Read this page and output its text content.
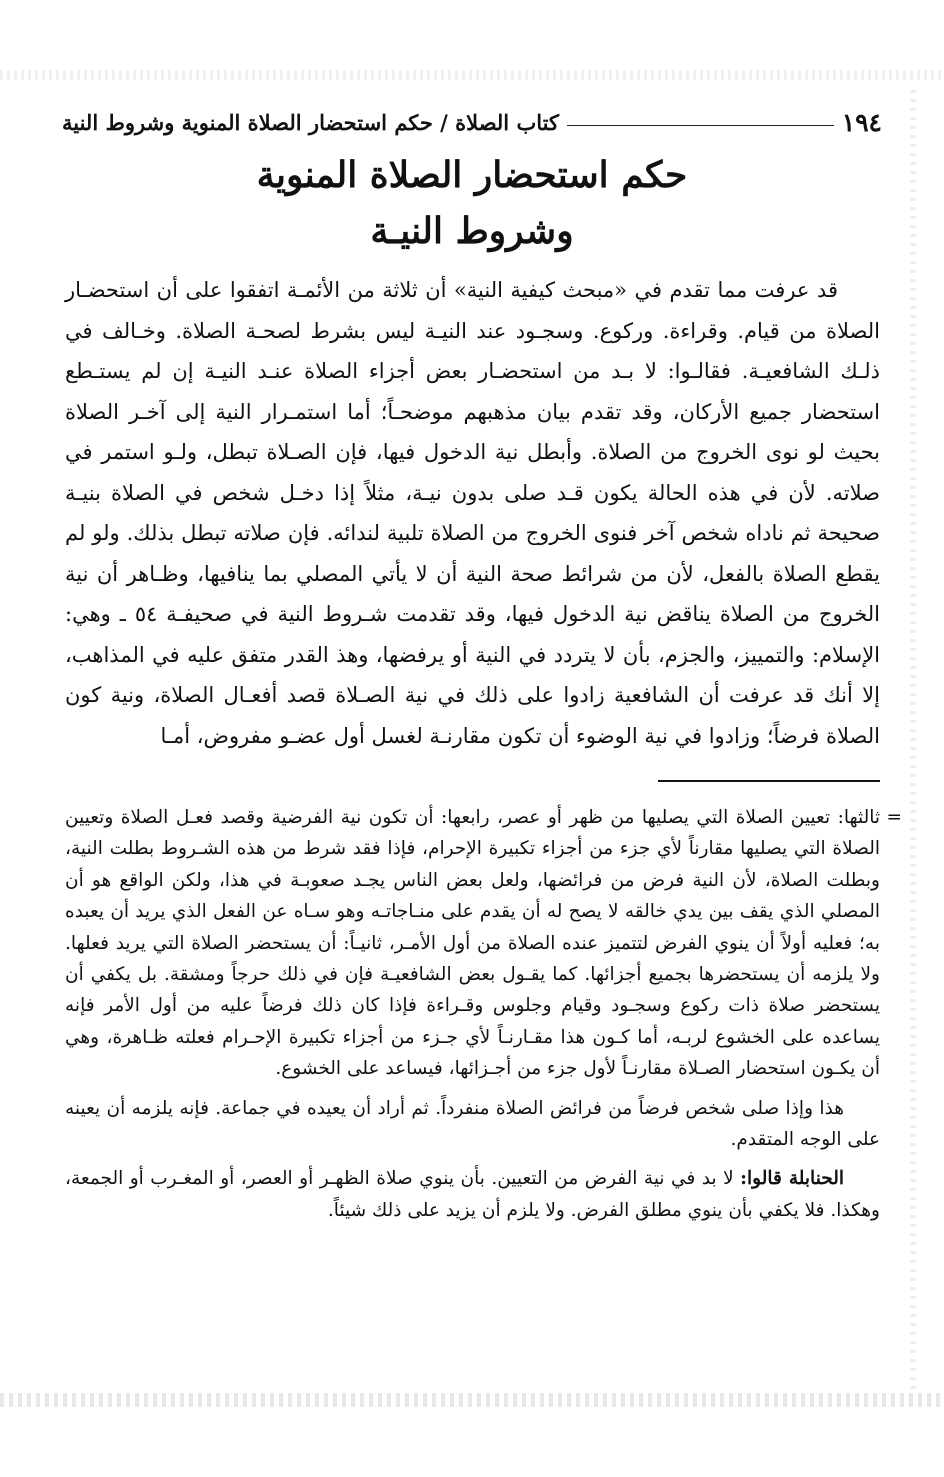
١٩٤
كتاب الصلاة / حكم استحضار الصلاة المنوية وشروط النية
حكم استحضار الصلاة المنوية
وشروط النيـة

قد عرفت مما تقدم في «مبحث كيفية النية» أن ثلاثة من الأئمـة اتفقوا على أن استحضـار الصلاة من قيام. وقراءة. وركوع. وسجـود عند النيـة ليس بشرط لصحـة الصلاة. وخـالف في ذلـك الشافعيـة. فقالـوا: لا بـد من استحضـار بعض أجزاء الصلاة عنـد النيـة إن لم يستـطع استحضار جميع الأركان، وقد تقدم بيان مذهبهم موضحـاً؛ أما استمـرار النية إلى آخـر الصلاة بحيث لو نوى الخروج من الصلاة. وأبطل نية الدخول فيها، فإن الصـلاة تبطل، ولـو استمر في صلاته. لأن في هذه الحالة يكون قـد صلى بدون نيـة، مثلاً إذا دخـل شخص في الصلاة بنيـة صحيحة ثم ناداه شخص آخر فنوى الخروج من الصلاة تلبية لندائه. فإن صلاته تبطل بذلك. ولو لم يقطع الصلاة بالفعل، لأن من شرائط صحة النية أن لا يأتي المصلي بما ينافيها، وظـاهر أن نية الخروج من الصلاة يناقض نية الدخول فيها، وقد تقدمت شـروط النية في صحيفـة ٥٤ ـ وهي: الإسلام: والتمييز، والجزم، بأن لا يتردد في النية أو يرفضها، وهذ القدر متفق عليه في المذاهب، إلا أنك قد عرفت أن الشافعية زادوا على ذلك في نية الصـلاة قصد أفعـال الصلاة، ونية كون الصلاة فرضاً؛ وزادوا في نية الوضوء أن تكون مقارنـة لغسل أول عضـو مفروض، أمـا

=
ثالثها: تعيين الصلاة التي يصليها من ظهر أو عصر، رابعها: أن تكون نية الفرضية وقصد فعـل الصلاة وتعيين الصلاة التي يصليها مقارناً لأي جزء من أجزاء تكبيرة الإحرام، فإذا فقد شرط من هذه الشـروط بطلت النية، وبطلت الصلاة، لأن النية فرض من فرائضها، ولعل بعض الناس يجـد صعوبـة في هذا، ولكن الواقع هو أن المصلي الذي يقف بين يدي خالقه لا يصح له أن يقدم على منـاجاتـه وهو سـاه عن الفعل الذي يريد أن يعبده به؛ فعليه أولاً أن ينوي الفرض لتتميز عنده الصلاة من أول الأمـر، ثانيـاً: أن يستحضر الصلاة التي يريد فعلها. ولا يلزمه أن يستحضرها بجميع أجزائها. كما يقـول بعض الشافعيـة فإن في ذلك حرجاً ومشقة. بل يكفي أن يستحضر صلاة ذات ركوع وسجـود وقيام وجلوس وقـراءة فإذا كان ذلك فرضاً عليه من أول الأمر فإنه يساعده على الخشوع لربـه، أما كـون هذا مقـارنـاً لأي جـزء من أجزاء تكبيرة الإحـرام فعلته ظـاهرة، وهي أن يكـون استحضار الصـلاة مقارنـاً لأول جزء من أجـزائها، فيساعد على الخشوع.

هذا وإذا صلى شخص فرضاً من فرائض الصلاة منفرداً. ثم أراد أن يعيده في جماعة. فإنه يلزمه أن يعينه على الوجه المتقدم.

الحنابلة قالوا: لا بد في نية الفرض من التعيين. بأن ينوي صلاة الظهـر أو العصر، أو المغـرب أو الجمعة، وهكذا. فلا يكفي بأن ينوي مطلق الفرض. ولا يلزم أن يزيد على ذلك شيئاً.
